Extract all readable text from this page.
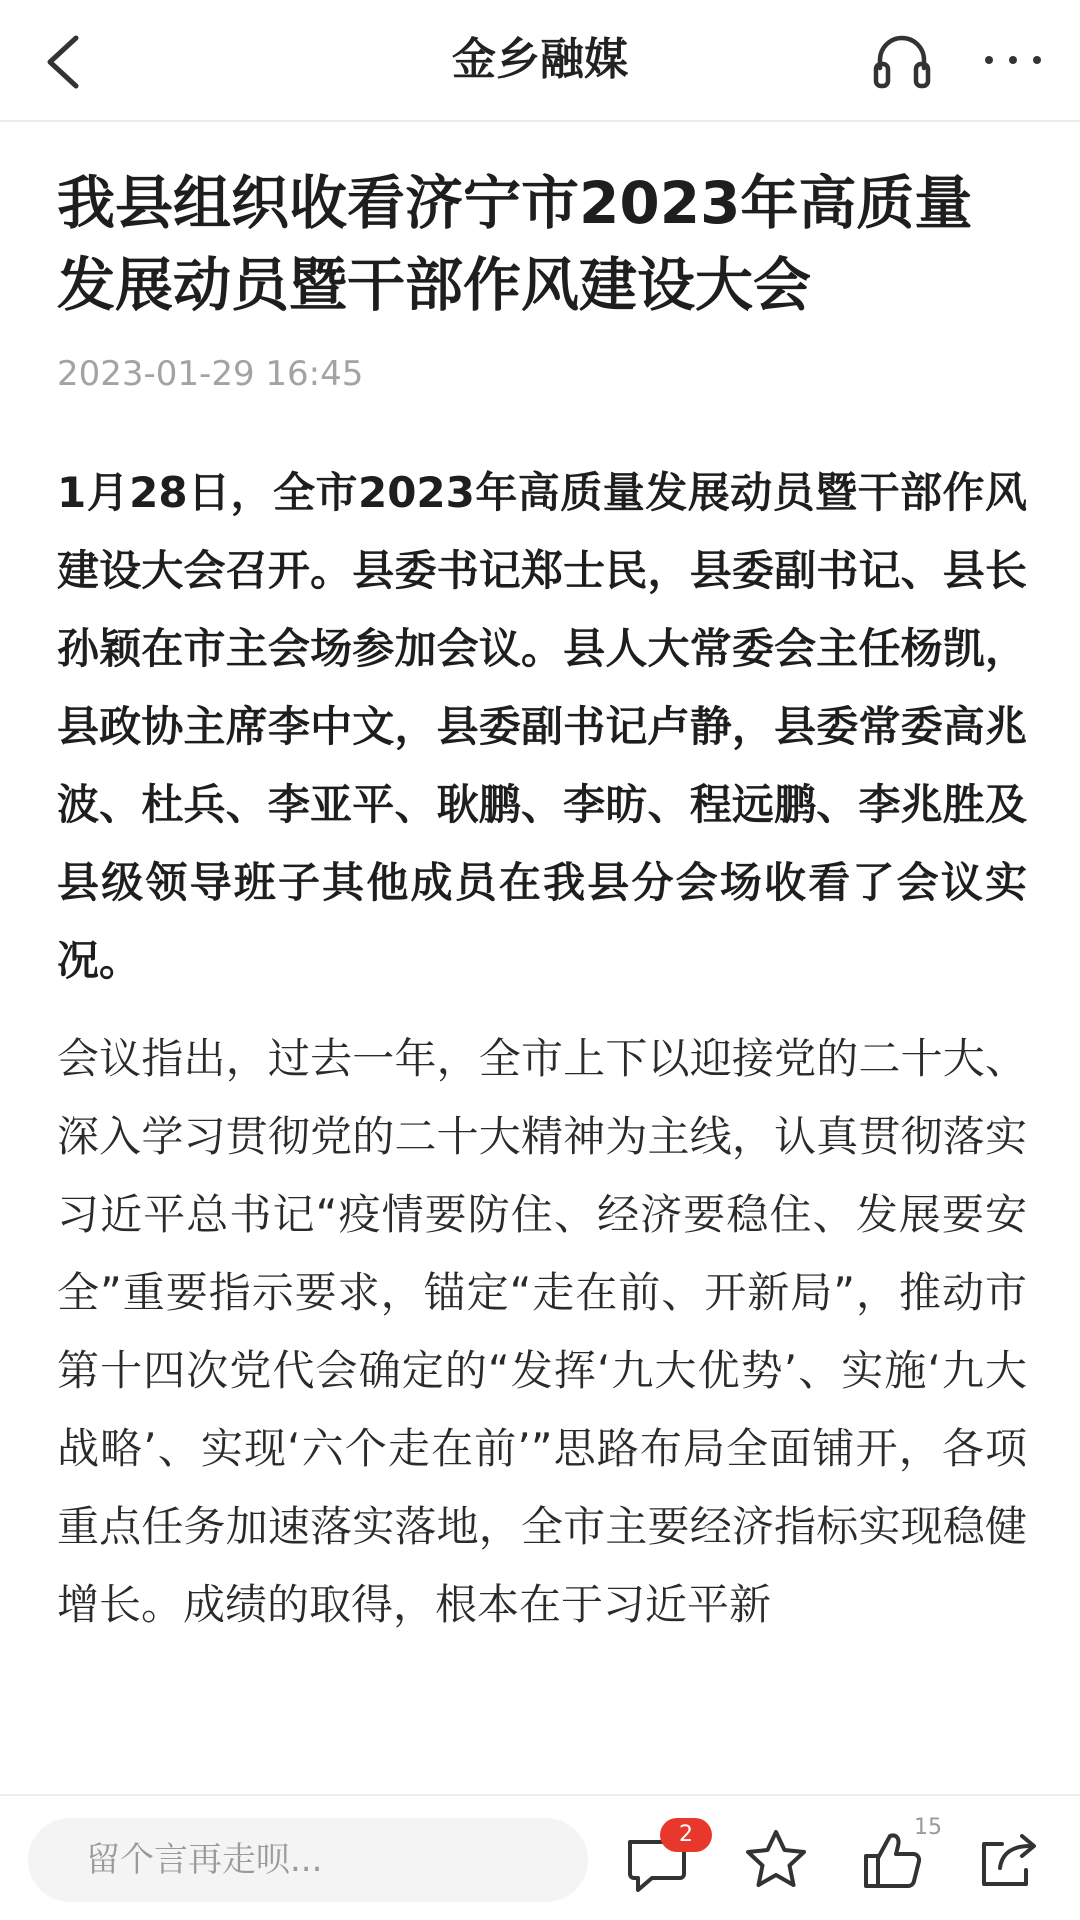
金乡融媒
我县组织收看济宁市2023年高质量发展动员暨干部作风建设大会
2023-01-29 16:45

1月28日，全市2023年高质量发展动员暨干部作风建设大会召开。县委书记郑士民，县委副书记、县长孙颖在市主会场参加会议。县人大常委会主任杨凯，县政协主席李中文，县委副书记卢静，县委常委高兆波、杜兵、李亚平、耿鹏、李昉、程远鹏、李兆胜及县级领导班子其他成员在我县分会场收看了会议实况。

会议指出，过去一年，全市上下以迎接党的二十大、深入学习贯彻党的二十大精神为主线，认真贯彻落实习近平总书记“疫情要防住、经济要稳住、发展要安全”重要指示要求，锚定“走在前、开新局”，推动市第十四次党代会确定的“发挥‘九大优势’、实施‘九大战略’、实现‘六个走在前’”思路布局全面铺开，各项重点任务加速落实落地，全市主要经济指标实现稳健增长。成绩的取得，根本在于习近平新

留个言再走呗...
2	15
